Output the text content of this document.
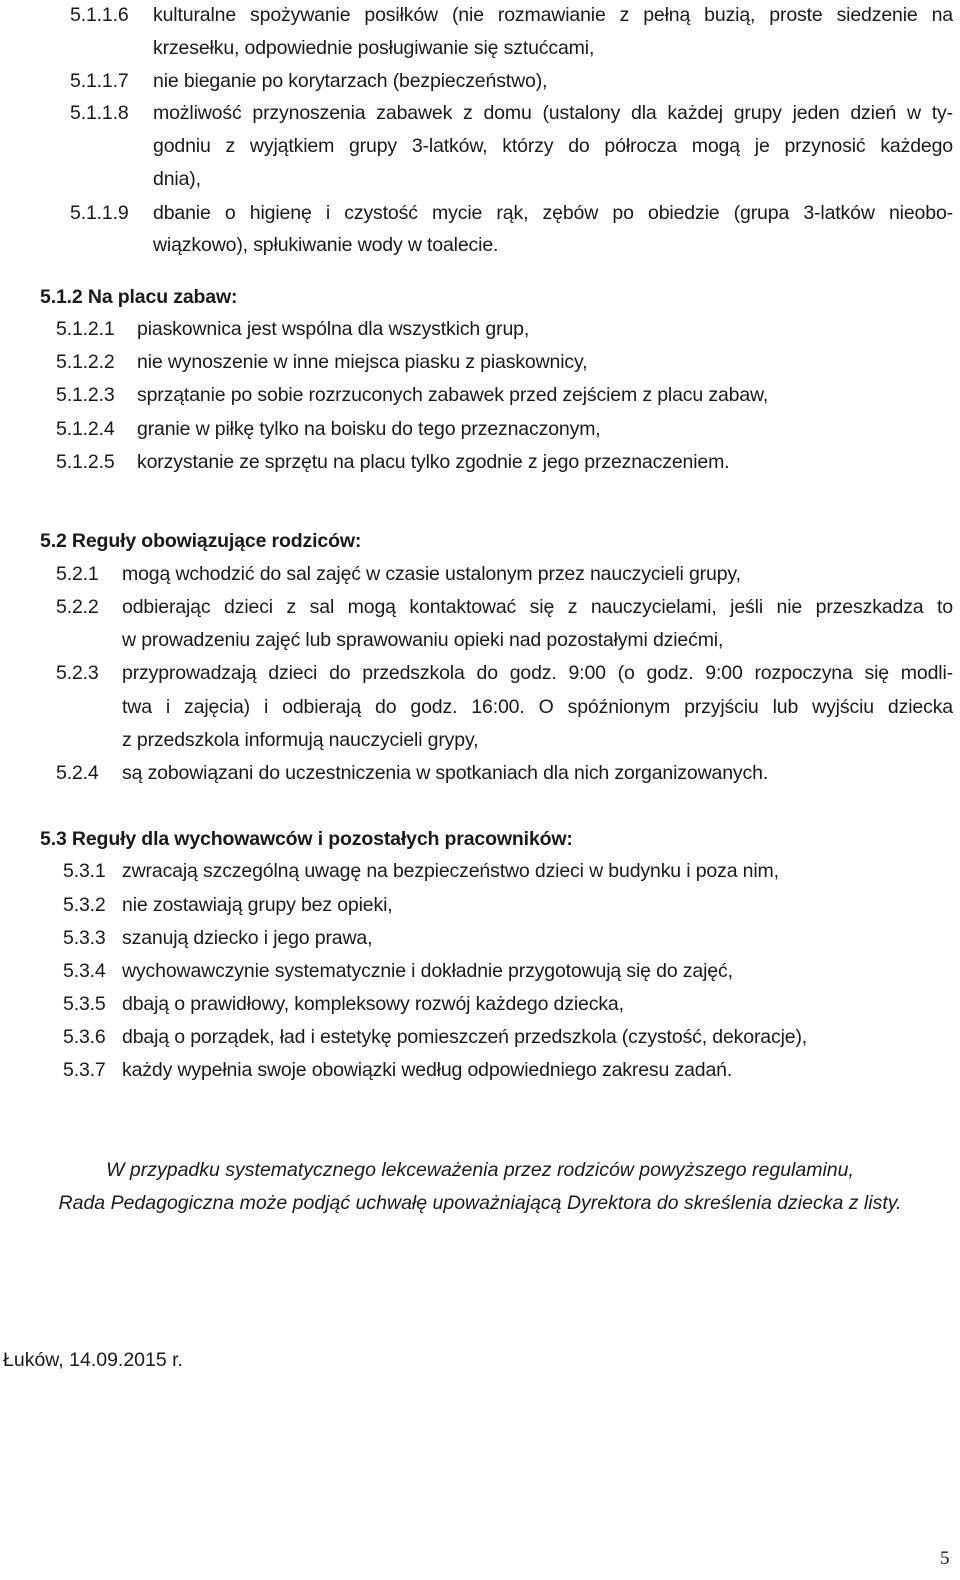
5.1.1.6 kulturalne spożywanie posiłków (nie rozmawianie z pełną buzią, proste siedzenie na
krzesełku, odpowiednie posługiwanie się sztućcami,
5.1.1.7 nie bieganie po korytarzach (bezpieczeństwo),
5.1.1.8 możliwość przynoszenia zabawek z domu (ustalony dla każdej grupy jeden dzień w ty-
godniu z wyjątkiem grupy 3-latków, którzy do półrocza mogą je przynosić każdego
dnia),
5.1.1.9 dbanie o higienę i czystość mycie rąk, zębów po obiedzie (grupa 3-latków nieobo-
wiązkowo), spłukiwanie wody w toalecie.
5.1.2 Na placu zabaw:
5.1.2.1 piaskownica jest wspólna dla wszystkich grup,
5.1.2.2 nie wynoszenie w inne miejsca piasku z piaskownicy,
5.1.2.3 sprzątanie po sobie rozrzuconych zabawek przed zejściem z placu zabaw,
5.1.2.4 granie w piłkę tylko na boisku do tego przeznaczonym,
5.1.2.5 korzystanie ze sprzętu na placu tylko zgodnie z jego przeznaczeniem.
5.2 Reguły obowiązujące rodziców:
5.2.1 mogą wchodzić do sal zajęć w czasie ustalonym przez nauczycieli grupy,
5.2.2 odbierając dzieci z sal mogą kontaktować się z nauczycielami, jeśli nie przeszkadza to
w prowadzeniu zajęć lub sprawowaniu opieki nad pozostałymi dziećmi,
5.2.3 przyprowadzają dzieci do przedszkola do godz. 9:00 (o godz. 9:00 rozpoczyna się modli-
twa i zajęcia) i odbierają do godz. 16:00. O spóźnionym przyjściu lub wyjściu dziecka
z przedszkola informują nauczycieli grypy,
5.2.4 są zobowiązani do uczestniczenia w spotkaniach dla nich zorganizowanych.
5.3 Reguły dla wychowawców i pozostałych pracowników:
5.3.1 zwracają szczególną uwagę na bezpieczeństwo dzieci w budynku i poza nim,
5.3.2 nie zostawiają grupy bez opieki,
5.3.3 szanują dziecko i jego prawa,
5.3.4 wychowawczynie systematycznie i dokładnie przygotowują się do zajęć,
5.3.5 dbają o prawidłowy, kompleksowy rozwój każdego dziecka,
5.3.6 dbają o porządek, ład i estetykę pomieszczeń przedszkola (czystość, dekoracje),
5.3.7 każdy wypełnia swoje obowiązki według odpowiedniego zakresu zadań.
W przypadku systematycznego lekceważenia przez rodziców powyższego regulaminu,
Rada Pedagogiczna może podjąć uchwałę upoważniającą Dyrektora do skreślenia dziecka z listy.
Łuków, 14.09.2015 r.
5
